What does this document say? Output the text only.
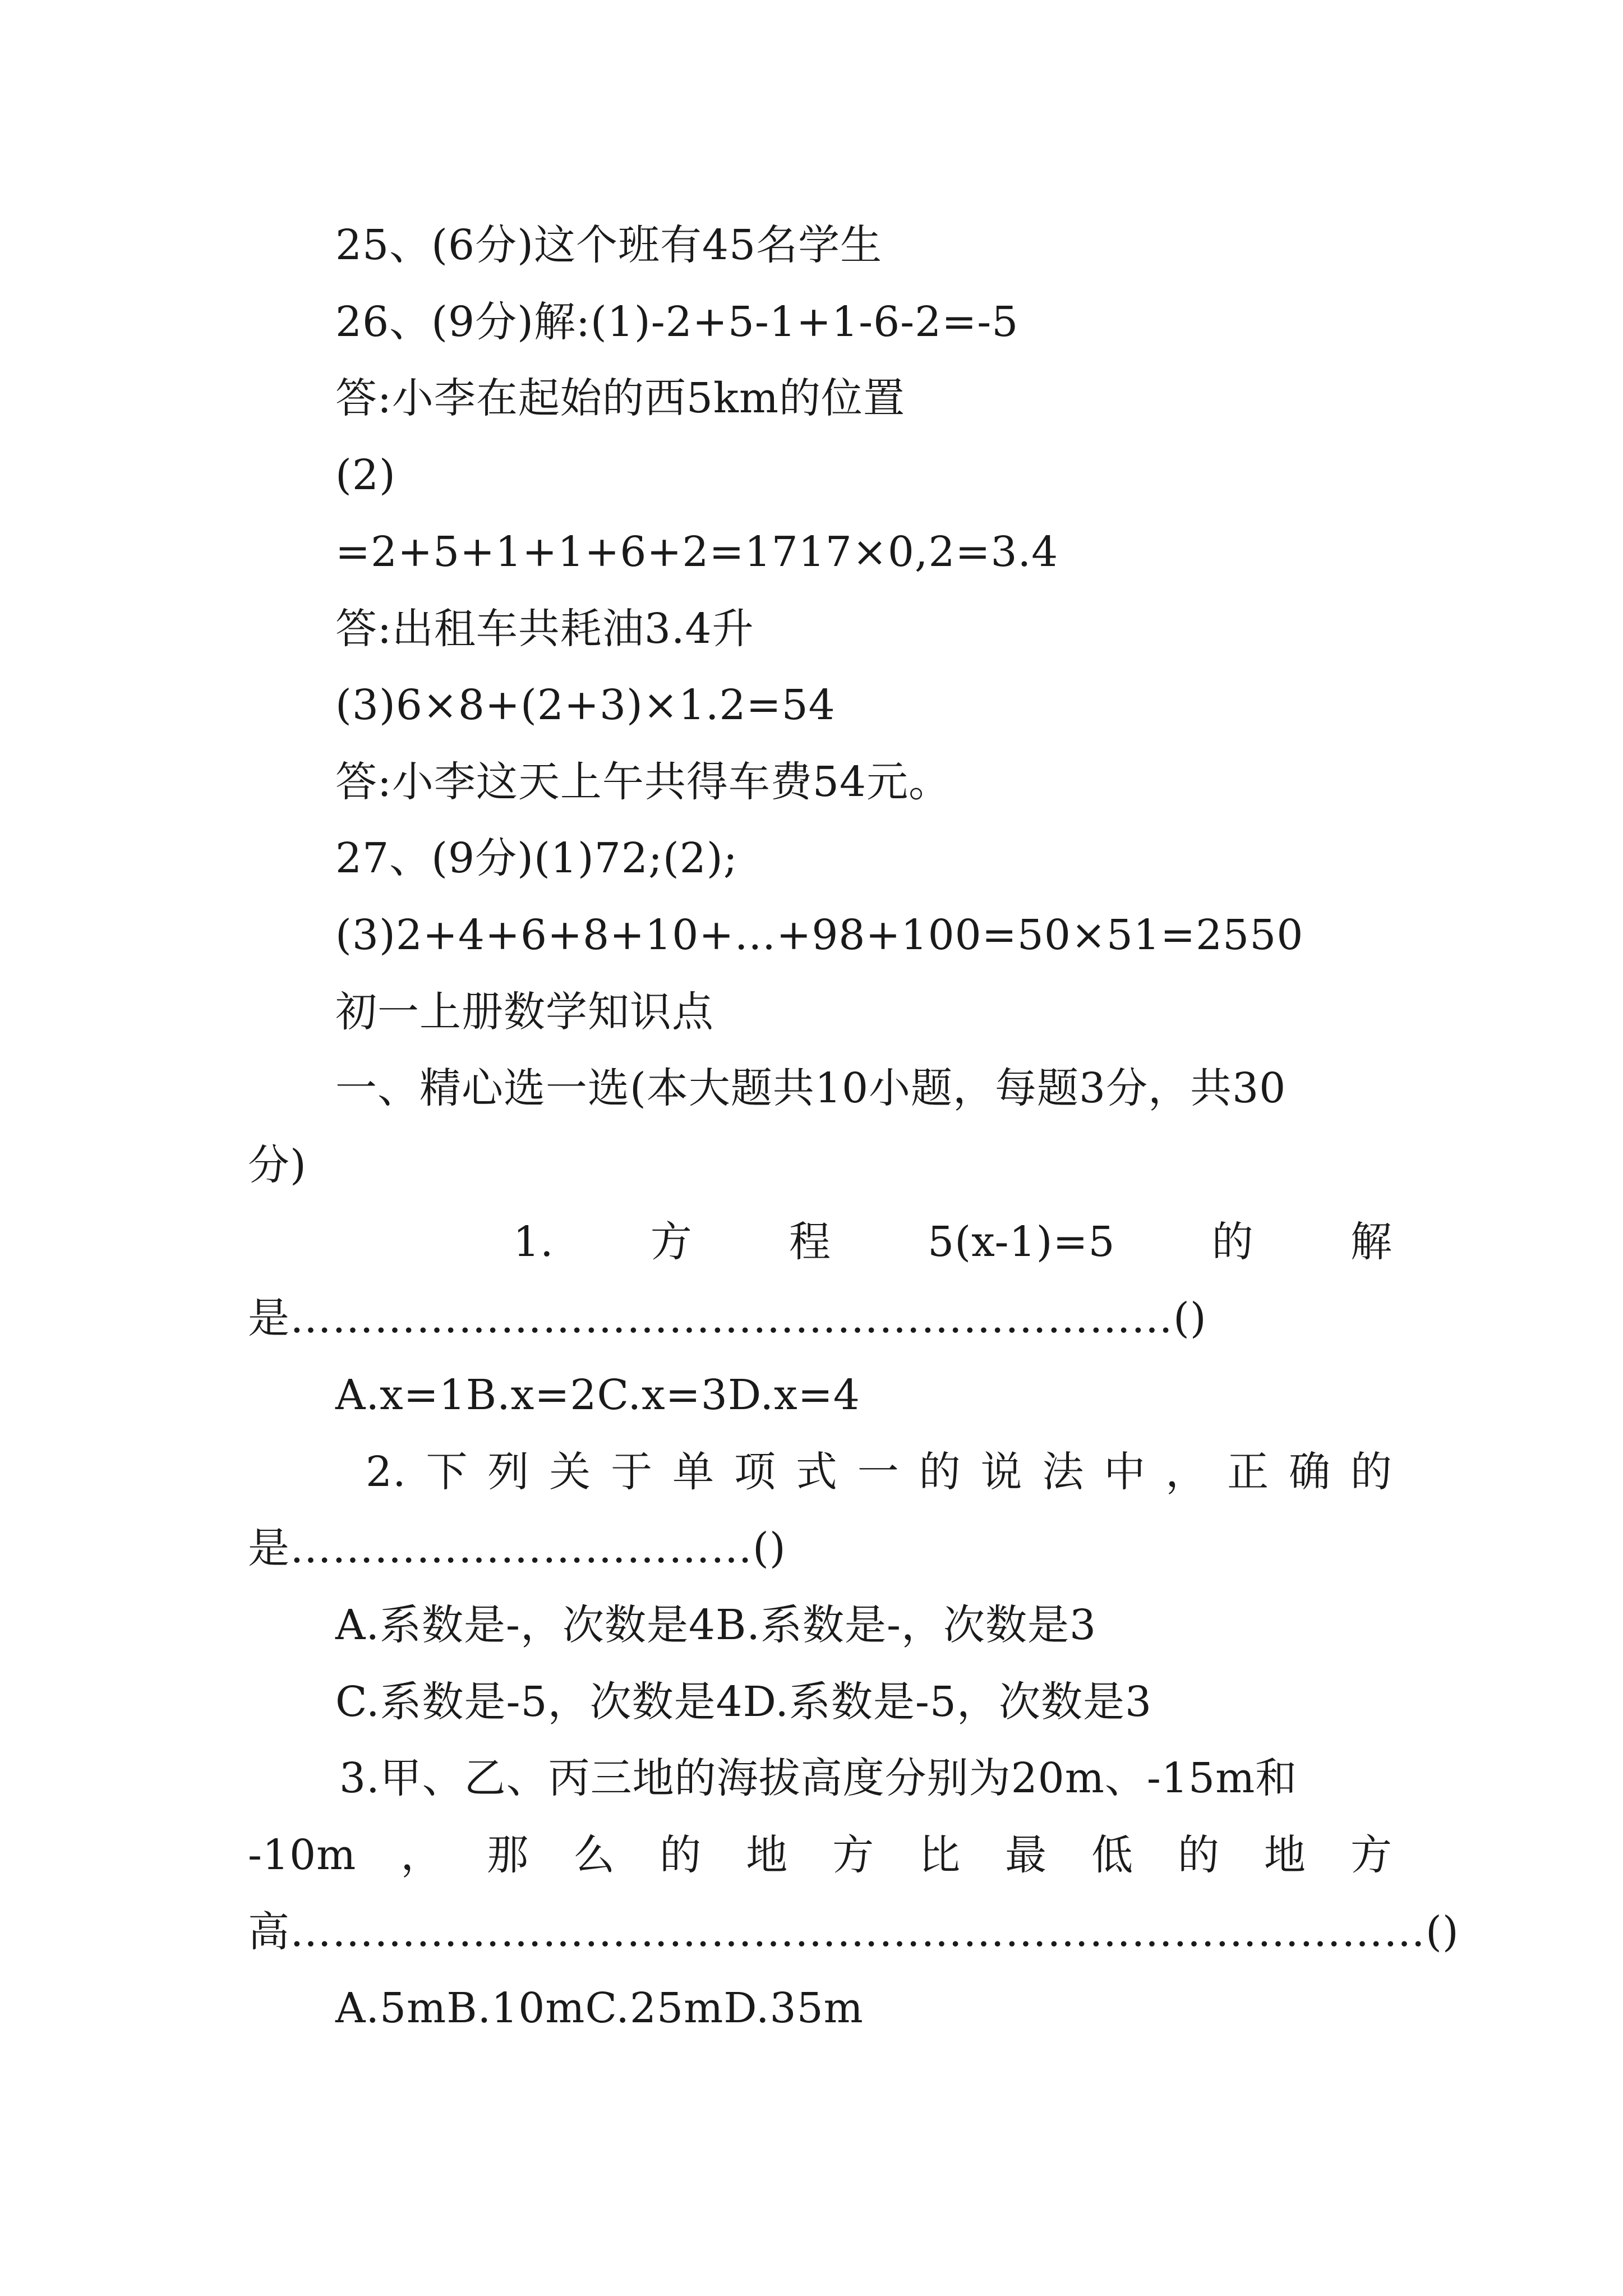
25、(6分)这个班有45名学生
26、(9分)解:(1)-2+5-1+1-6-2=-5
答:小李在起始的西5km的位置
(2)
=2+5+1+1+6+2=1717×0,2=3.4
答:出租车共耗油3.4升
(3)6×8+(2+3)×1.2=54
答:小李这天上午共得车费54元。
27、(9分)(1)72;(2);
(3)2+4+6+8+10+…+98+100=50×51=2550
初一上册数学知识点
一、精心选一选(本大题共10小题，每题3分，共30
分)
1. 方 程 5(x-1)=5 的 解
是………………………………………………………()
A.x=1B.x=2C.x=3D.x=4
2. 下 列 关 于 单 项 式 一 的 说 法 中 ， 正 确 的
是……………………………()
A.系数是-，次数是4B.系数是-，次数是3
C.系数是-5，次数是4D.系数是-5，次数是3
3.甲、乙、丙三地的海拔高度分别为20m、-15m和
-10m ， 那 么 的 地 方 比 最 低 的 地 方
高………………………………………………………………………()
A.5mB.10mC.25mD.35m
